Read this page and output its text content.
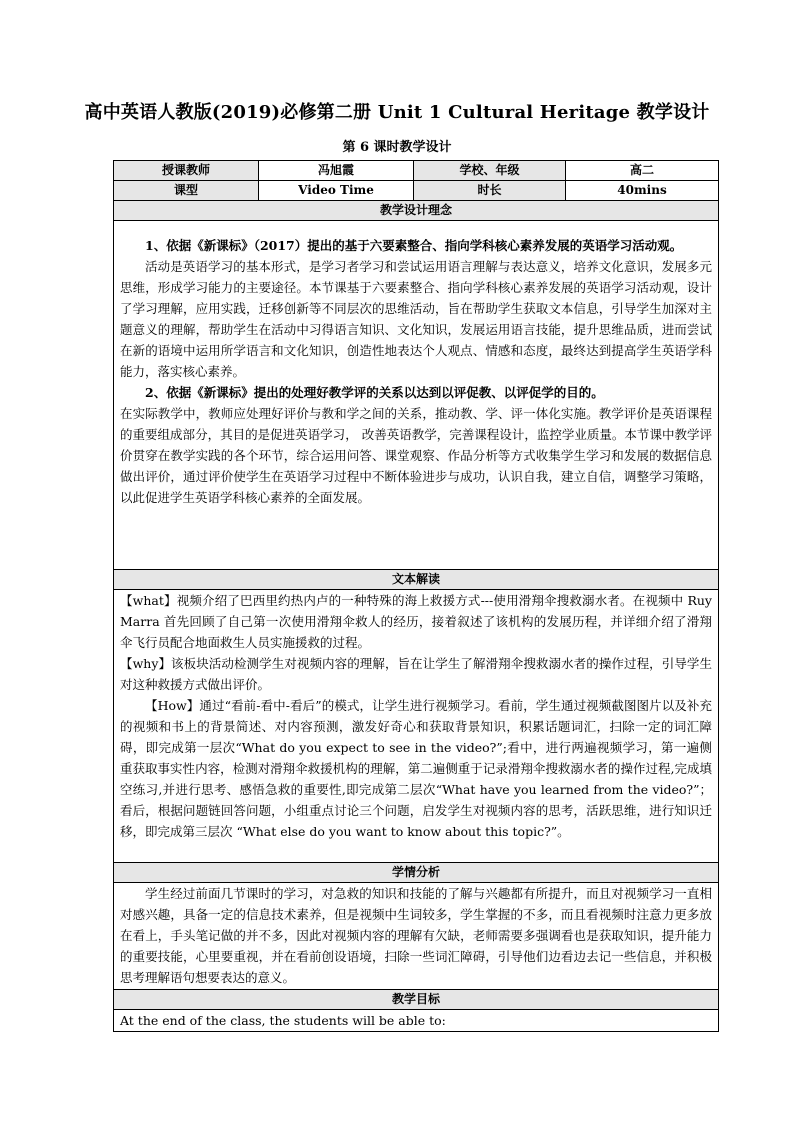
高中英语人教版(2019)必修第二册 Unit 1 Cultural Heritage 教学设计
第 6 课时教学设计
授课教师	冯旭霞	学校、年级	高二
课型	Video Time	时长	40mins
教学设计理念			

1、依据《新课标》（2017）提出的基于六要素整合、指向学科核心素养发展的英语学习活动观。

活动是英语学习的基本形式，是学习者学习和尝试运用语言理解与表达意义，培养文化意识，发展多元思维，形成学习能力的主要途径。本节课基于六要素整合、指向学科核心素养发展的英语学习活动观，设计了学习理解，应用实践，迁移创新等不同层次的思维活动，旨在帮助学生获取文本信息，引导学生加深对主题意义的理解，帮助学生在活动中习得语言知识、文化知识，发展运用语言技能，提升思维品质，进而尝试在新的语境中运用所学语言和文化知识，创造性地表达个人观点、情感和态度，最终达到提高学生英语学科能力，落实核心素养。

2、依据《新课标》提出的处理好教学评的关系以达到以评促教、以评促学的目的。

在实际教学中，教师应处理好评价与教和学之间的关系，推动教、学、评一体化实施。教学评价是英语课程的重要组成部分，其目的是促进英语学习， 改善英语教学，完善课程设计，监控学业质量。本节课中教学评价贯穿在教学实践的各个环节，综合运用问答、课堂观察、作品分析等方式收集学生学习和发展的数据信息做出评价，通过评价使学生在英语学习过程中不断体验进步与成功，认识自我，建立自信，调整学习策略，以此促进学生英语学科核心素养的全面发展。			

文本解读			

【what】视频介绍了巴西里约热内卢的一种特殊的海上救援方式---使用滑翔伞搜救溺水者。在视频中 Ruy Marra 首先回顾了自己第一次使用滑翔伞救人的经历，接着叙述了该机构的发展历程，并详细介绍了滑翔伞飞行员配合地面救生人员实施援救的过程。

【why】该板块活动检测学生对视频内容的理解，旨在让学生了解滑翔伞搜救溺水者的操作过程，引导学生对这种救援方式做出评价。

【How】通过“看前-看中-看后”的模式，让学生进行视频学习。看前，学生通过视频截图图片以及补充的视频和书上的背景简述、对内容预测，激发好奇心和获取背景知识，积累话题词汇，扫除一定的词汇障碍，即完成第一层次“What do you expect to see in the video?”;看中，进行两遍视频学习，第一遍侧重获取事实性内容，检测对滑翔伞救援机构的理解，第二遍侧重于记录滑翔伞搜救溺水者的操作过程,完成填空练习,并进行思考、感悟急救的重要性,即完成第二层次“What have you learned from the video?”；看后，根据问题链回答问题，小组重点讨论三个问题，启发学生对视频内容的思考，活跃思维，进行知识迁移，即完成第三层次 “What else do you want to know about this topic?”。			

学情分析			

学生经过前面几节课时的学习，对急救的知识和技能的了解与兴趣都有所提升，而且对视频学习一直相对感兴趣，具备一定的信息技术素养，但是视频中生词较多，学生掌握的不多，而且看视频时注意力更多放在看上，手头笔记做的并不多，因此对视频内容的理解有欠缺，老师需要多强调看也是获取知识，提升能力的重要技能，心里要重视，并在看前创设语境，扫除一些词汇障碍，引导他们边看边去记一些信息，并积极思考理解语句想要表达的意义。			

教学目标			

At the end of the class, the students will be able to:			
